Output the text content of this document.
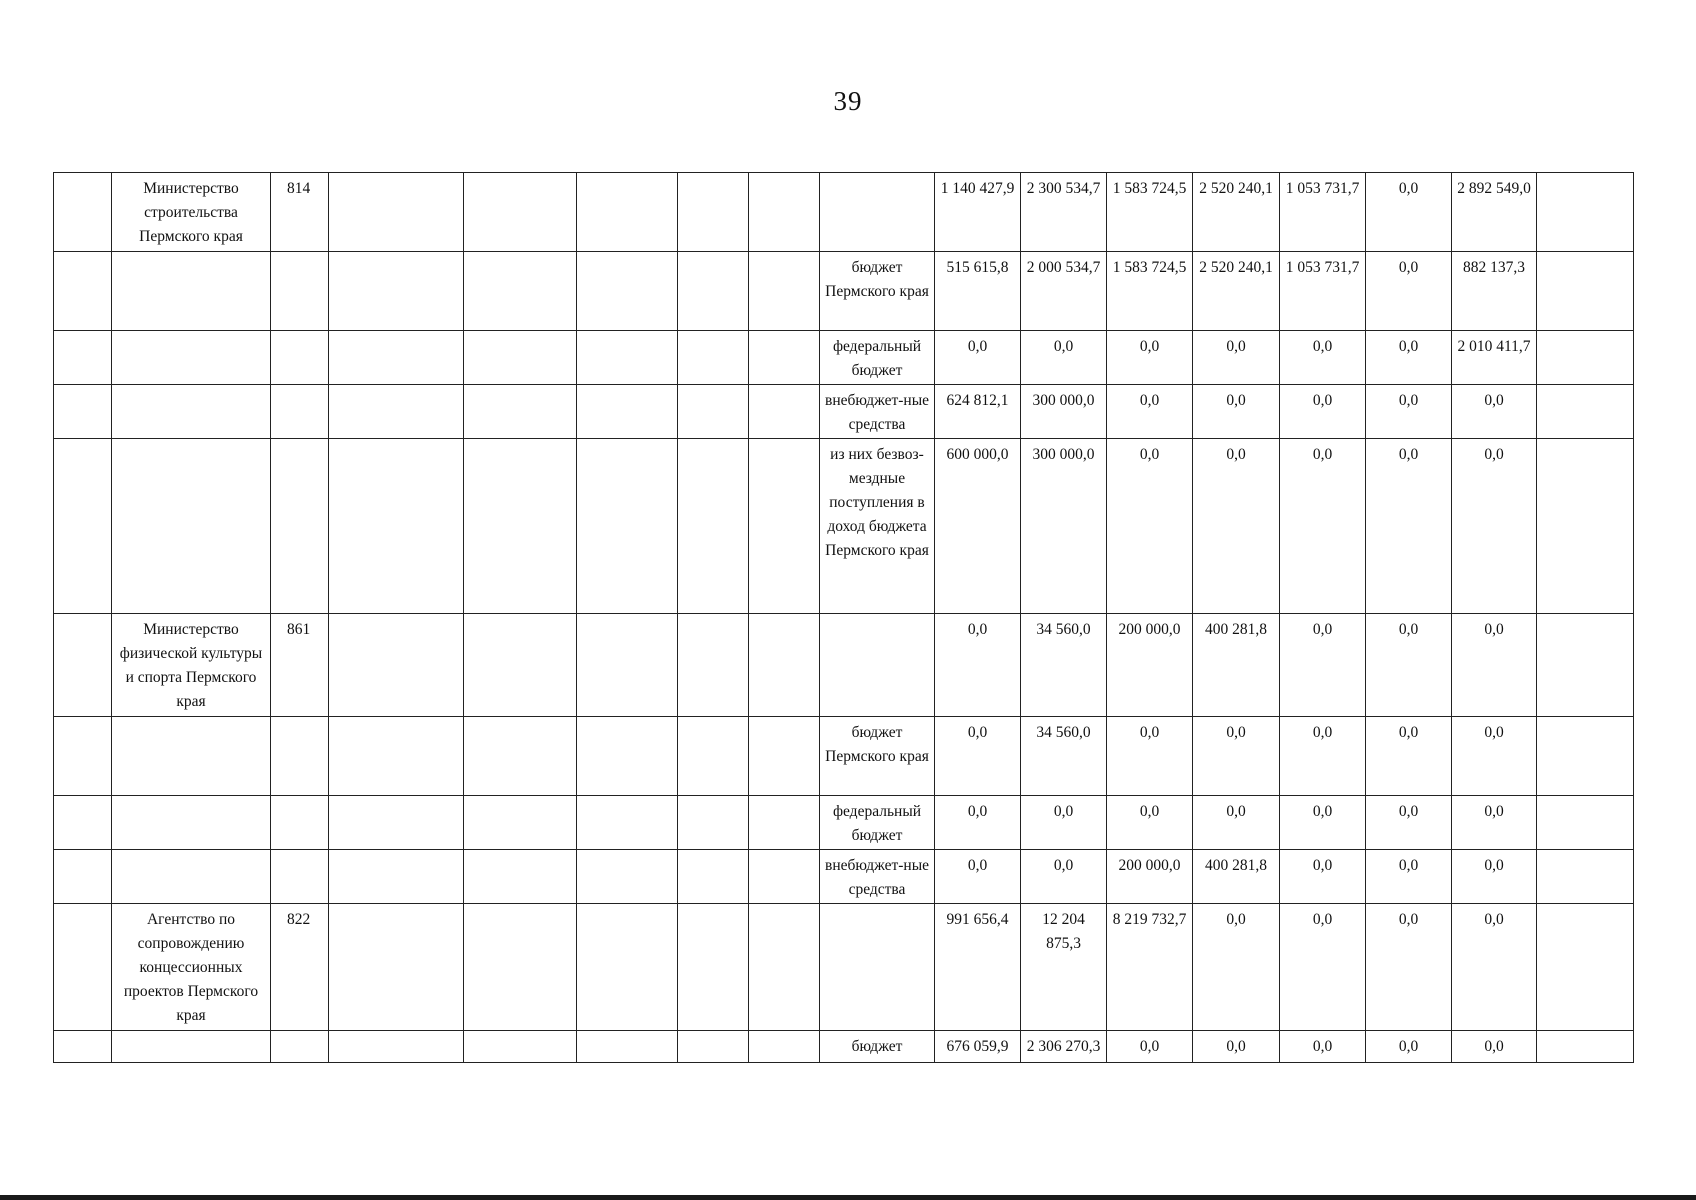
39
	Министерство строительства Пермского края	814							1 140 427,9	2 300 534,7	1 583 724,5	2 520 240,1	1 053 731,7	0,0	2 892 549,0	
								бюджет Пермского края	515 615,8	2 000 534,7	1 583 724,5	2 520 240,1	1 053 731,7	0,0	882 137,3	
								федеральный бюджет	0,0	0,0	0,0	0,0	0,0	0,0	2 010 411,7	
								внебюджет-ные средства	624 812,1	300 000,0	0,0	0,0	0,0	0,0	0,0	
								из них безвоз-мездные поступления в доход бюджета Пермского края	600 000,0	300 000,0	0,0	0,0	0,0	0,0	0,0	
	Министерство физической культуры и спорта Пермского края	861							0,0	34 560,0	200 000,0	400 281,8	0,0	0,0	0,0	
								бюджет Пермского края	0,0	34 560,0	0,0	0,0	0,0	0,0	0,0	
								федеральный бюджет	0,0	0,0	0,0	0,0	0,0	0,0	0,0	
								внебюджет-ные средства	0,0	0,0	200 000,0	400 281,8	0,0	0,0	0,0	
	Агентство по сопровождению концессионных проектов Пермского края	822							991 656,4	12 204 875,3	8 219 732,7	0,0	0,0	0,0	0,0	
								бюджет	676 059,9	2 306 270,3	0,0	0,0	0,0	0,0	0,0	
